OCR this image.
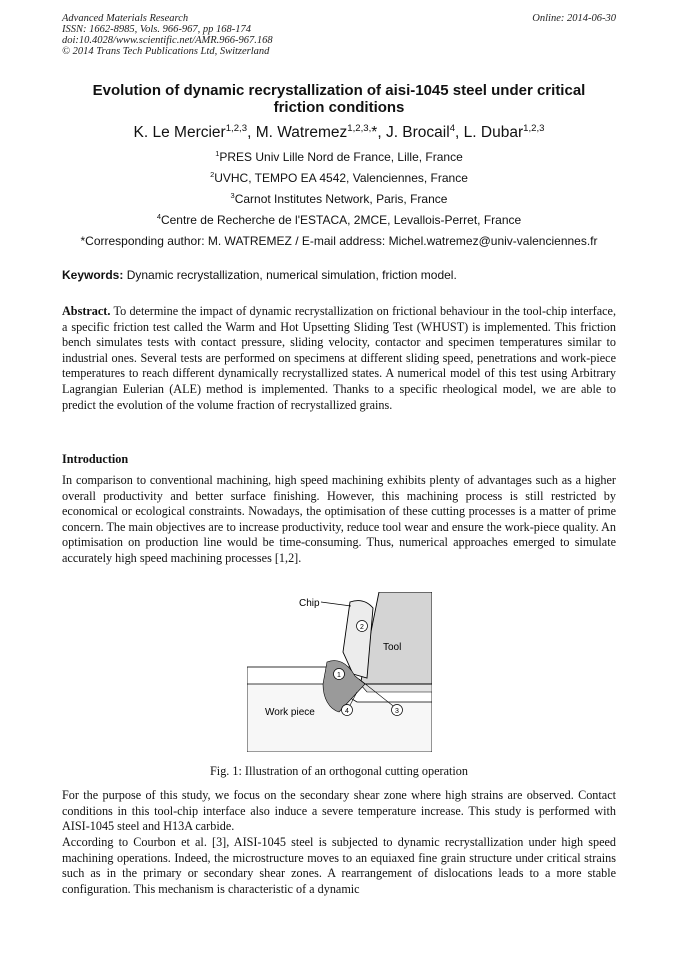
Advanced Materials Research
ISSN: 1662-8985, Vols. 966-967, pp 168-174
doi:10.4028/www.scientific.net/AMR.966-967.168
© 2014 Trans Tech Publications Ltd, Switzerland
Online: 2014-06-30
Evolution of dynamic recrystallization of aisi-1045 steel under critical
friction conditions
K. Le Mercier$^{1,2,3}$, M. Watremez$^{1,2,3,}$*, J. Brocail$^4$, L. Dubar$^{1,2,3}$
$^1$PRES Univ Lille Nord de France, Lille, France
$^2$UVHC, TEMPO EA 4542, Valenciennes, France
$^3$Carnot Institutes Network, Paris, France
$^4$Centre de Recherche de l'ESTACA, 2MCE, Levallois-Perret, France
*Corresponding author: M. WATREMEZ / E-mail address: Michel.watremez@univ-valenciennes.fr
Keywords: Dynamic recrystallization, numerical simulation, friction model.
Abstract. To determine the impact of dynamic recrystallization on frictional behaviour in the tool-chip interface, a specific friction test called the Warm and Hot Upsetting Sliding Test (WHUST) is implemented. This friction bench simulates tests with contact pressure, sliding velocity, contactor and specimen temperatures similar to industrial ones. Several tests are performed on specimens at different sliding speed, penetrations and work-piece temperatures to reach different dynamically recrystallized states. A numerical model of this test using Arbitrary Lagrangian Eulerian (ALE) method is implemented. Thanks to a specific rheological model, we are able to predict the evolution of the volume fraction of recrystallized grains.
Introduction
In comparison to conventional machining, high speed machining exhibits plenty of advantages such as a higher overall productivity and better surface finishing. However, this machining process is still restricted by economical or ecological constraints. Nowadays, the optimisation of these cutting processes is a matter of prime concern. The main objectives are to increase productivity, reduce tool wear and ensure the work-piece quality. An optimisation on production line would be time-consuming. Thus, numerical approaches emerged to simulate accurately high speed machining processes [1,2].
Chip
Tool
Work piece
1
2
3
4
Fig. 1: Illustration of an orthogonal cutting operation
For the purpose of this study, we focus on the secondary shear zone where high strains are observed. Contact conditions in this tool-chip interface also induce a severe temperature increase. This study is performed with AISI-1045 steel and H13A carbide.
According to Courbon et al. [3], AISI-1045 steel is subjected to dynamic recrystallization under high speed machining operations. Indeed, the microstructure moves to an equiaxed fine grain structure under critical strains such as in the primary or secondary shear zones. A rearrangement of dislocations leads to a more stable configuration. This mechanism is characteristic of a dynamic
